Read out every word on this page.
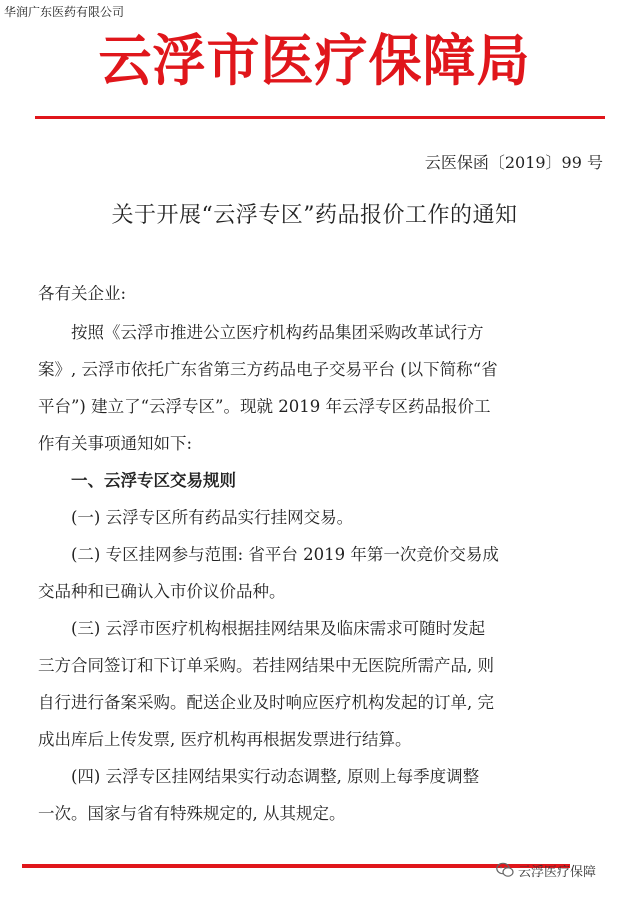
华润广东医药有限公司
云浮市医疗保障局
云医保函〔2019〕99 号
关于开展“云浮专区”药品报价工作的通知

各有关企业:

按照《云浮市推进公立医疗机构药品集团采购改革试行方

案》, 云浮市依托广东省第三方药品电子交易平台 (以下简称“省

平台”) 建立了“云浮专区”。现就 2019 年云浮专区药品报价工

作有关事项通知如下:

一、云浮专区交易规则

(一) 云浮专区所有药品实行挂网交易。

(二) 专区挂网参与范围: 省平台 2019 年第一次竞价交易成

交品种和已确认入市价议价品种。

(三) 云浮市医疗机构根据挂网结果及临床需求可随时发起

三方合同签订和下订单采购。若挂网结果中无医院所需产品, 则

自行进行备案采购。配送企业及时响应医疗机构发起的订单, 完

成出库后上传发票, 医疗机构再根据发票进行结算。

(四) 云浮专区挂网结果实行动态调整, 原则上每季度调整

一次。国家与省有特殊规定的, 从其规定。

云浮医疗保障
